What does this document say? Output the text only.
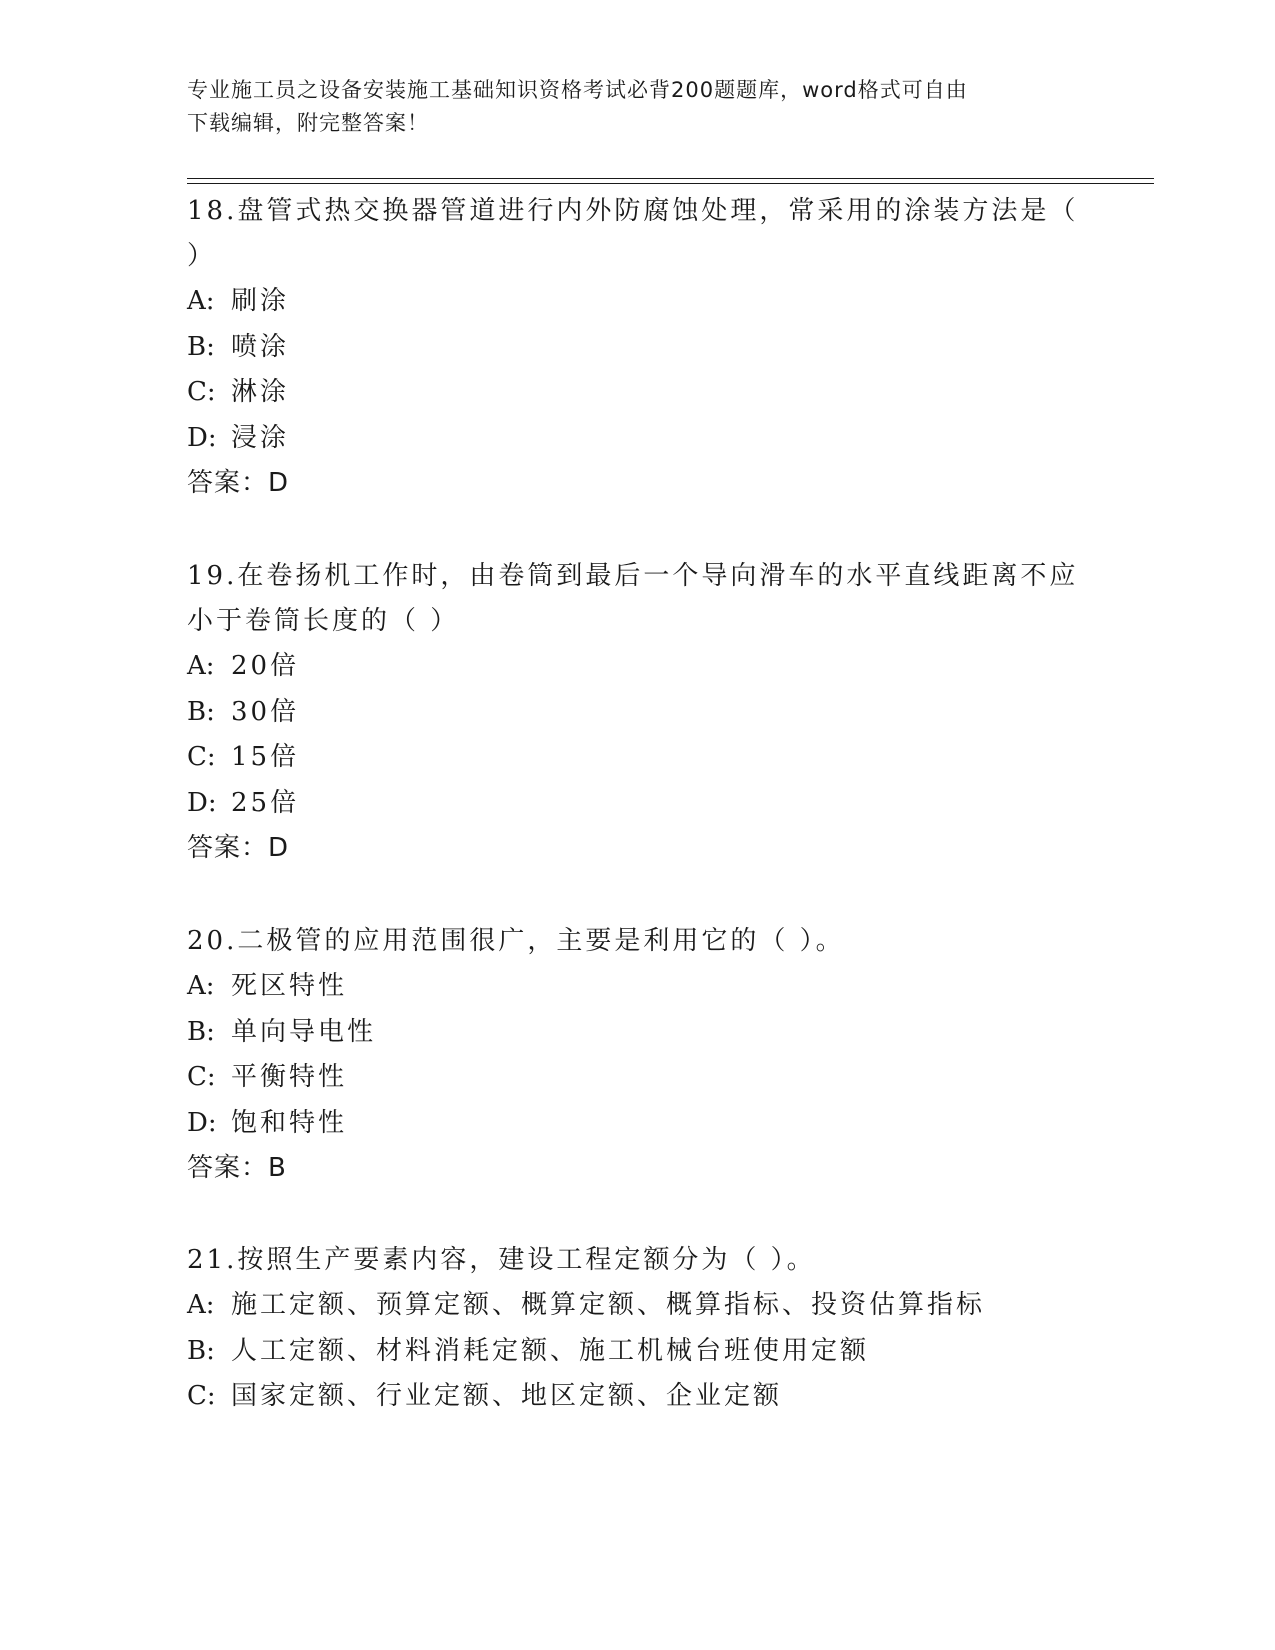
专业施工员之设备安装施工基础知识资格考试必背200题题库，word格式可自由
下载编辑，附完整答案！
18.盘管式热交换器管道进行内外防腐蚀处理，常采用的涂装方法是（
）
A: 刷涂
B: 喷涂
C: 淋涂
D: 浸涂
答案：D
19.在卷扬机工作时，由卷筒到最后一个导向滑车的水平直线距离不应
小于卷筒长度的（ ）
A: 20倍
B: 30倍
C: 15倍
D: 25倍
答案：D
20.二极管的应用范围很广，主要是利用它的（ ）。
A: 死区特性
B: 单向导电性
C: 平衡特性
D: 饱和特性
答案：B
21.按照生产要素内容，建设工程定额分为（ ）。
A: 施工定额、预算定额、概算定额、概算指标、投资估算指标
B: 人工定额、材料消耗定额、施工机械台班使用定额
C: 国家定额、行业定额、地区定额、企业定额
